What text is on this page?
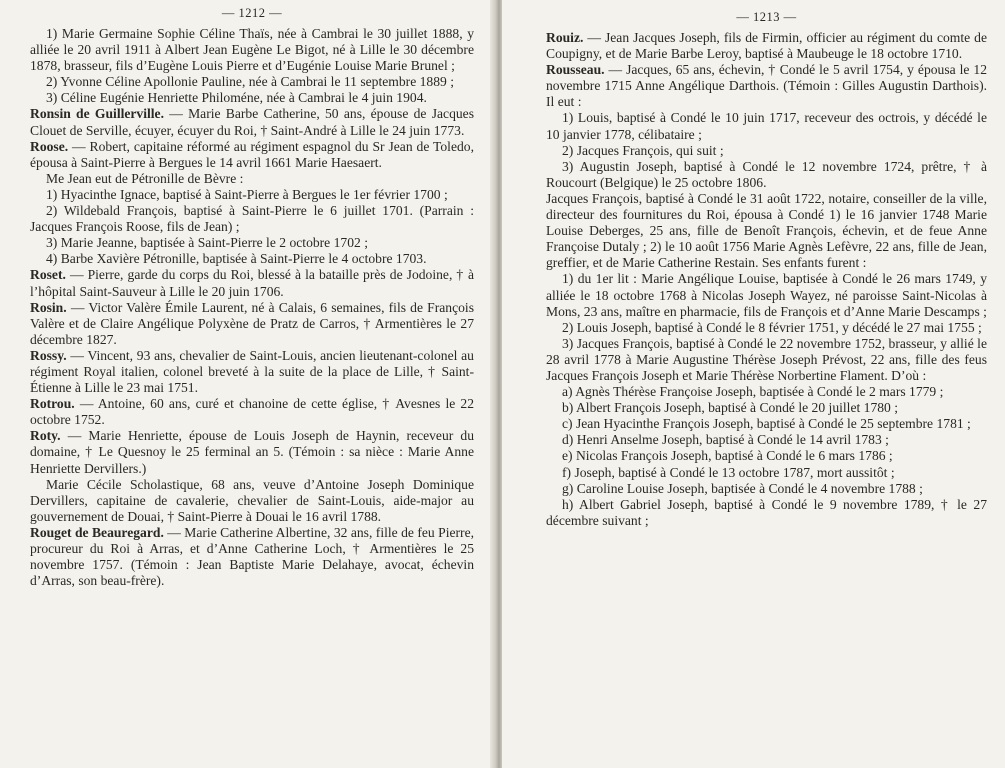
— 1212 —

1) Marie Germaine Sophie Céline Thaïs, née à Cambrai le 30 juillet 1888, y alliée le 20 avril 1911 à Albert Jean Eugène Le Bigot, né à Lille le 30 décembre 1878, brasseur, fils d’Eugène Louis Pierre et d’Eugénie Louise Marie Brunel ;

2) Yvonne Céline Apollonie Pauline, née à Cambrai le 11 septembre 1889 ;

3) Céline Eugénie Henriette Philoméne, née à Cambrai le 4 juin 1904.

Ronsin de Guillerville. — Marie Barbe Catherine, 50 ans, épouse de Jacques Clouet de Serville, écuyer, écuyer du Roi, † Saint-André à Lille le 24 juin 1773.

Roose. — Robert, capitaine réformé au régiment espagnol du Sr Jean de Toledo, épousa à Saint-Pierre à Bergues le 14 avril 1661 Marie Haesaert.

Me Jean eut de Pétronille de Bèvre :

1) Hyacinthe Ignace, baptisé à Saint-Pierre à Bergues le 1er février 1700 ;

2) Wildebald François, baptisé à Saint-Pierre le 6 juillet 1701. (Parrain : Jacques François Roose, fils de Jean) ;

3) Marie Jeanne, baptisée à Saint-Pierre le 2 octobre 1702 ;

4) Barbe Xavière Pétronille, baptisée à Saint-Pierre le 4 octobre 1703.

Roset. — Pierre, garde du corps du Roi, blessé à la bataille près de Jodoine, † à l’hôpital Saint-Sauveur à Lille le 20 juin 1706.

Rosin. — Victor Valère Émile Laurent, né à Calais, 6 semaines, fils de François Valère et de Claire Angélique Polyxène de Pratz de Carros, † Armentières le 27 décembre 1827.

Rossy. — Vincent, 93 ans, chevalier de Saint-Louis, ancien lieutenant-colonel au régiment Royal italien, colonel breveté à la suite de la place de Lille, † Saint-Étienne à Lille le 23 mai 1751.

Rotrou. — Antoine, 60 ans, curé et chanoine de cette église, † Avesnes le 22 octobre 1752.

Roty. — Marie Henriette, épouse de Louis Joseph de Haynin, receveur du domaine, † Le Quesnoy le 25 ferminal an 5. (Témoin : sa nièce : Marie Anne Henriette Dervillers.)

Marie Cécile Scholastique, 68 ans, veuve d’Antoine Joseph Dominique Dervillers, capitaine de cavalerie, chevalier de Saint-Louis, aide-major au gouvernement de Douai, † Saint-Pierre à Douai le 16 avril 1788.

Rouget de Beauregard. — Marie Catherine Albertine, 32 ans, fille de feu Pierre, procureur du Roi à Arras, et d’Anne Catherine Loch, † Armentières le 25 novembre 1757. (Témoin : Jean Baptiste Marie Delahaye, avocat, échevin d’Arras, son beau-frère).

— 1213 —

Rouiz. — Jean Jacques Joseph, fils de Firmin, officier au régiment du comte de Coupigny, et de Marie Barbe Leroy, baptisé à Maubeuge le 18 octobre 1710.

Rousseau. — Jacques, 65 ans, échevin, † Condé le 5 avril 1754, y épousa le 12 novembre 1715 Anne Angélique Darthois. (Témoin : Gilles Augustin Darthois). Il eut :

1) Louis, baptisé à Condé le 10 juin 1717, receveur des octrois, y décédé le 10 janvier 1778, célibataire ;

2) Jacques François, qui suit ;

3) Augustin Joseph, baptisé à Condé le 12 novembre 1724, prêtre, † à Roucourt (Belgique) le 25 octobre 1806.

Jacques François, baptisé à Condé le 31 août 1722, notaire, conseiller de la ville, directeur des fournitures du Roi, épousa à Condé 1) le 16 janvier 1748 Marie Louise Deberges, 25 ans, fille de Benoît François, échevin, et de feue Anne Françoise Dutaly ; 2) le 10 août 1756 Marie Agnès Lefèvre, 22 ans, fille de Jean, greffier, et de Marie Catherine Restain. Ses enfants furent :

1) du 1er lit : Marie Angélique Louise, baptisée à Condé le 26 mars 1749, y alliée le 18 octobre 1768 à Nicolas Joseph Wayez, né paroisse Saint-Nicolas à Mons, 23 ans, maître en pharmacie, fils de François et d’Anne Marie Descamps ;

2) Louis Joseph, baptisé à Condé le 8 février 1751, y décédé le 27 mai 1755 ;

3) Jacques François, baptisé à Condé le 22 novembre 1752, brasseur, y allié le 28 avril 1778 à Marie Augustine Thérèse Joseph Prévost, 22 ans, fille des feus Jacques François Joseph et Marie Thérèse Norbertine Flament. D’où :

a) Agnès Thérèse Françoise Joseph, baptisée à Condé le 2 mars 1779 ;

b) Albert François Joseph, baptisé à Condé le 20 juillet 1780 ;

c) Jean Hyacinthe François Joseph, baptisé à Condé le 25 septembre 1781 ;

d) Henri Anselme Joseph, baptisé à Condé le 14 avril 1783 ;

e) Nicolas François Joseph, baptisé à Condé le 6 mars 1786 ;

f) Joseph, baptisé à Condé le 13 octobre 1787, mort aussitôt ;

g) Caroline Louise Joseph, baptisée à Condé le 4 novembre 1788 ;

h) Albert Gabriel Joseph, baptisé à Condé le 9 novembre 1789, † le 27 décembre suivant ;
